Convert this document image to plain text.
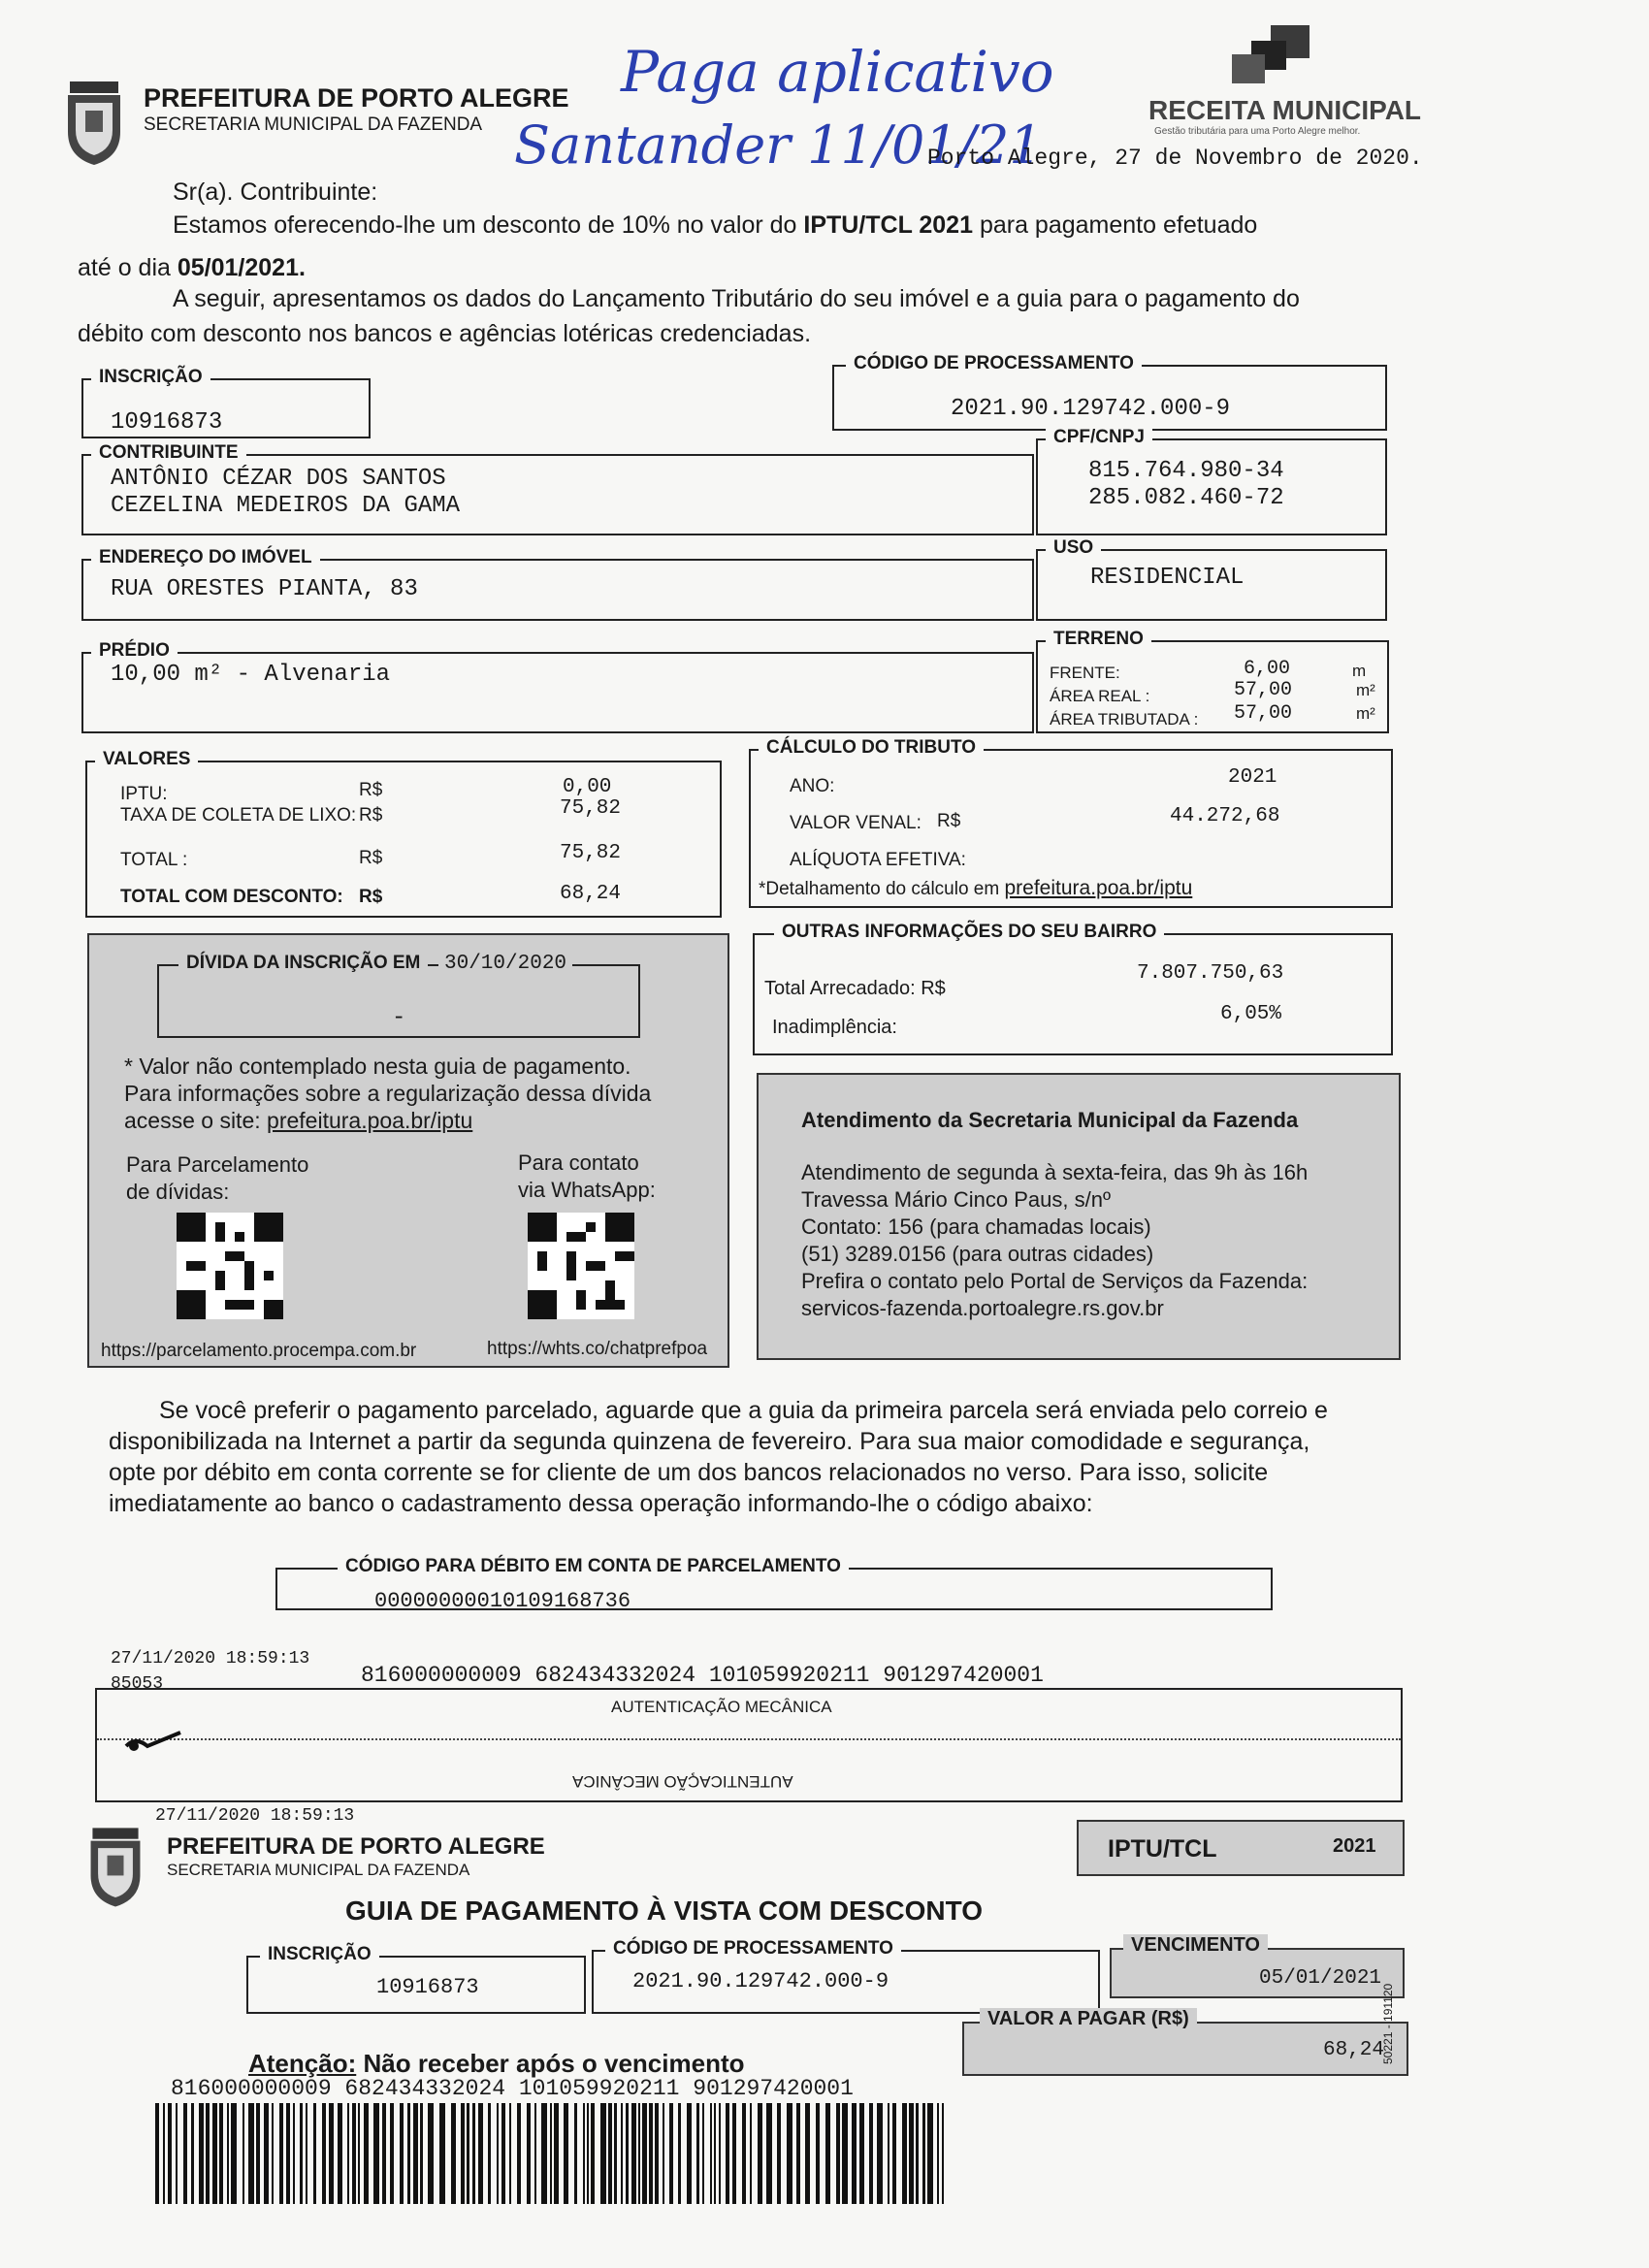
PREFEITURA DE PORTO ALEGRE
SECRETARIA MUNICIPAL DA FAZENDA
Paga aplicativo
Santander 11/01/21
RECEITA MUNICIPAL
Gestão tributária para uma Porto Alegre melhor.
Porto Alegre, 27 de Novembro de 2020.
Sr(a). Contribuinte:
Estamos oferecendo-lhe um desconto de 10% no valor do IPTU/TCL 2021 para pagamento efetuado
até o dia 05/01/2021.
A seguir, apresentamos os dados do Lançamento Tributário do seu imóvel e a guia para o pagamento do
débito com desconto nos bancos e agências lotéricas credenciadas.
INSCRIÇÃO
10916873
CÓDIGO DE PROCESSAMENTO
2021.90.129742.000-9
CONTRIBUINTE
ANTÔNIO CÉZAR DOS SANTOS
CEZELINA MEDEIROS DA GAMA
CPF/CNPJ
815.764.980-34
285.082.460-72
ENDEREÇO DO IMÓVEL
RUA ORESTES PIANTA, 83
USO
RESIDENCIAL
PRÉDIO
10,00 m² - Alvenaria
TERRENO
FRENTE:	6,00	m
ÁREA REAL :	57,00	m²
ÁREA TRIBUTADA : 57,00	m²
VALORES
IPTU:	R$	0,00
TAXA DE COLETA DE LIXO: R$	75,82
TOTAL :	R$	75,82
TOTAL COM DESCONTO: R$	68,24
CÁLCULO DO TRIBUTO
ANO:	2021
VALOR VENAL: R$	44.272,68
ALÍQUOTA EFETIVA:
*Detalhamento do cálculo em prefeitura.poa.br/iptu
DÍVIDA DA INSCRIÇÃO EM	30/10/2020
-
* Valor não contemplado nesta guia de pagamento.
Para informações sobre a regularização dessa dívida
acesse o site: prefeitura.poa.br/iptu
Para Parcelamento
de dívidas:
Para contato
via WhatsApp:
https://parcelamento.procempa.com.br	https://whts.co/chatprefpoa
OUTRAS INFORMAÇÕES DO SEU BAIRRO
Total Arrecadado: R$
7.807.750,63
Inadimplência:
6,05%
Atendimento da Secretaria Municipal da Fazenda
Atendimento de segunda à sexta-feira, das 9h às 16h
Travessa Mário Cinco Paus, s/nº
Contato: 156 (para chamadas locais)
(51) 3289.0156 (para outras cidades)
Prefira o contato pelo Portal de Serviços da Fazenda:
servicos-fazenda.portoalegre.rs.gov.br
Se você preferir o pagamento parcelado, aguarde que a guia da primeira parcela será enviada pelo correio e
disponibilizada na Internet a partir da segunda quinzena de fevereiro. Para sua maior comodidade e segurança,
opte por débito em conta corrente se for cliente de um dos bancos relacionados no verso. Para isso, solicite
imediatamente ao banco o cadastramento dessa operação informando-lhe o código abaixo:
CÓDIGO PARA DÉBITO EM CONTA DE PARCELAMENTO
00000000010109168736
27/11/2020 18:59:13
85053	816000000009 682434332024 101059920211 901297420001
AUTENTICAÇÃO MECÂNICA
AUTENTICAÇÃO MECÂNICA
27/11/2020 18:59:13
PREFEITURA DE PORTO ALEGRE
SECRETARIA MUNICIPAL DA FAZENDA
IPTU/TCL	2021
GUIA DE PAGAMENTO À VISTA COM DESCONTO
INSCRIÇÃO
10916873
CÓDIGO DE PROCESSAMENTO
2021.90.129742.000-9
VENCIMENTO
05/01/2021
VALOR A PAGAR (R$)
68,24
50221 - 191120
Atenção: Não receber após o vencimento
816000000009 682434332024 101059920211 901297420001
